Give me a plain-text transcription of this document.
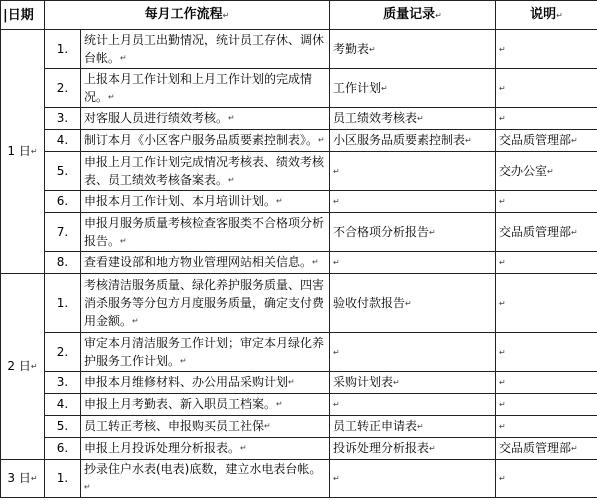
|日期	每月工作流程↵		质量记录↵	说明↵
1 日↵	1.	统计上月员工出勤情况，统计员工存休、调休台帐。↵	考勤表↵	↵
	2.	上报本月工作计划和上月工作计划的完成情况。↵	工作计划↵	↵
	3.	对客服人员进行绩效考核。↵	员工绩效考核表↵	↵
	4.	制订本月《小区客户服务品质要素控制表》。↵	小区服务品质要素控制表↵	交品质管理部↵
	5.	申报上月工作计划完成情况考核表、绩效考核表、员工绩效考核备案表。↵	↵	交办公室↵
	6.	申报本月工作计划、本月培训计划。↵	↵	↵
	7.	申报月服务质量考核检查客服类不合格项分析报告。↵	不合格项分析报告↵	交品质管理部↵
	8.	查看建设部和地方物业管理网站相关信息。↵	↵	↵
2 日↵	1.	考核清洁服务质量、绿化养护服务质量、四害消杀服务等分包方月度服务质量，确定支付费用金额。↵	验收付款报告↵	↵
	2.	审定本月清洁服务工作计划；审定本月绿化养护服务工作计划。↵	↵	↵
	3.	申报本月维修材料、办公用品采购计划↵	采购计划表↵	↵
	4.	申报上月考勤表、新入职员工档案。↵	↵	↵
	5.	员工转正考核、申报购买员工社保↵	员工转正申请表↵	↵
	6.	申报上月投诉处理分析报表。↵	投诉处理分析报表↵	交品质管理部↵
3 日↵	1.	抄录住户水表(电表)底数，建立水电表台帐。↵	↵	↵
